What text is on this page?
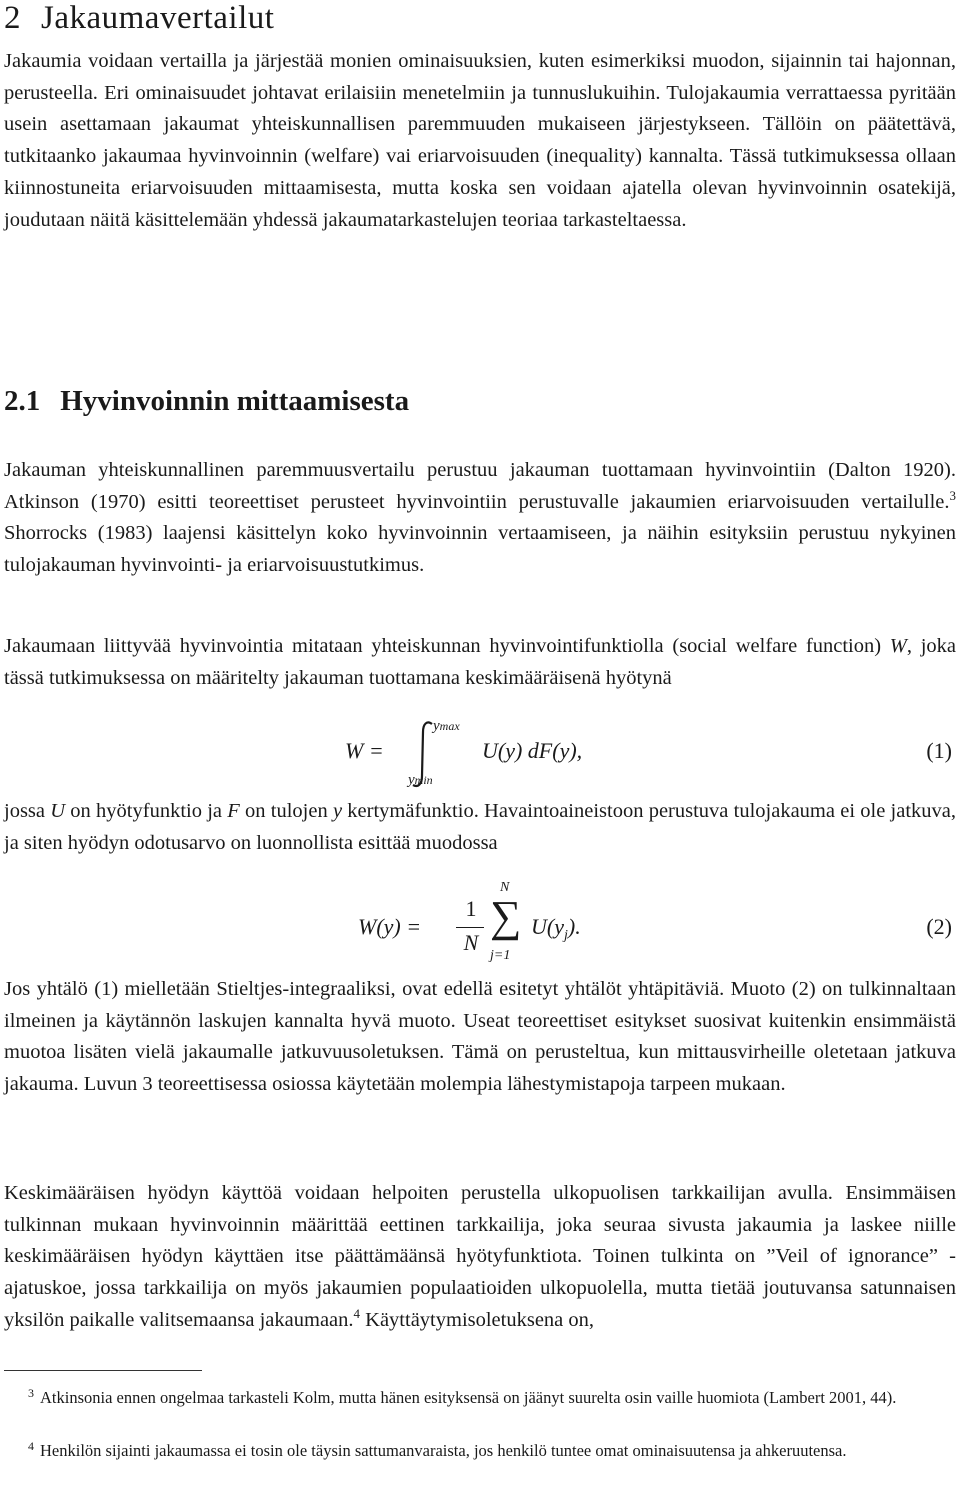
2 Jakaumavertailut

Jakaumia voidaan vertailla ja järjestää monien ominaisuuksien, kuten esimerkiksi muodon, sijainnin tai hajonnan, perusteella. Eri ominaisuudet johtavat erilaisiin menetelmiin ja tunnuslukuihin. Tulojakaumia verrattaessa pyritään usein asettamaan jakaumat yhteiskunnallisen paremmuuden mukaiseen järjestykseen. Tällöin on päätettävä, tutkitaanko jakaumaa hyvinvoinnin (welfare) vai eriarvoisuuden (inequality) kannalta. Tässä tutkimuksessa ollaan kiinnostuneita eriarvoisuuden mittaamisesta, mutta koska sen voidaan ajatella olevan hyvinvoinnin osatekijä, joudutaan näitä käsittelemään yhdessä jakaumatarkastelujen teoriaa tarkasteltaessa.

2.1 Hyvinvoinnin mittaamisesta

Jakauman yhteiskunnallinen paremmuusvertailu perustuu jakauman tuottamaan hyvinvointiin (Dalton 1920). Atkinson (1970) esitti teoreettiset perusteet hyvinvointiin perustuvalle jakaumien eriarvoisuuden vertailulle.$^3$ Shorrocks (1983) laajensi käsittelyn koko hyvinvoinnin vertaamiseen, ja näihin esityksiin perustuu nykyinen tulojakauman hyvinvointi- ja eriarvoisuustutkimus.

Jakaumaan liittyvää hyvinvointia mitataan yhteiskunnan hyvinvointifunktiolla (social welfare function) W, joka tässä tutkimuksessa on määritelty jakauman tuottamana keskimääräisenä hyötynä

W =
ymax
ymin
U(y) dF(y),	(1)

jossa U on hyötyfunktio ja F on tulojen y kertymäfunktio. Havaintoaineistoon perustuva tulojakauma ei ole jatkuva, ja siten hyödyn odotusarvo on luonnollista esittää muodossa

W(y) =
1
N
N
∑
j=1
$U(y_j)$.	(2)

Jos yhtälö (1) mielletään Stieltjes-integraaliksi, ovat edellä esitetyt yhtälöt yhtäpitäviä. Muoto (2) on tulkinnaltaan ilmeinen ja käytännön laskujen kannalta hyvä muoto. Useat teoreettiset esitykset suosivat kuitenkin ensimmäistä muotoa lisäten vielä jakaumalle jatkuvuusoletuksen. Tämä on perusteltua, kun mittausvirheille oletetaan jatkuva jakauma. Luvun 3 teoreettisessa osiossa käytetään molempia lähestymistapoja tarpeen mukaan.

Keskimääräisen hyödyn käyttöä voidaan helpoiten perustella ulkopuolisen tarkkailijan avulla. Ensimmäisen tulkinnan mukaan hyvinvoinnin määrittää eettinen tarkkailija, joka seuraa sivusta jakaumia ja laskee niille keskimääräisen hyödyn käyttäen itse päättämäänsä hyötyfunktiota. Toinen tulkinta on ”Veil of ignorance” -ajatuskoe, jossa tarkkailija on myös jakaumien populaatioiden ulkopuolella, mutta tietää joutuvansa satunnaisen yksilön paikalle valitsemaansa jakaumaan.$^4$ Käyttäytymisoletuksena on,

$^3$ Atkinsonia ennen ongelmaa tarkasteli Kolm, mutta hänen esityksensä on jäänyt suurelta osin vaille huomiota (Lambert 2001, 44).

$^4$ Henkilön sijainti jakaumassa ei tosin ole täysin sattumanvaraista, jos henkilö tuntee omat ominaisuutensa ja ahkeruutensa.
